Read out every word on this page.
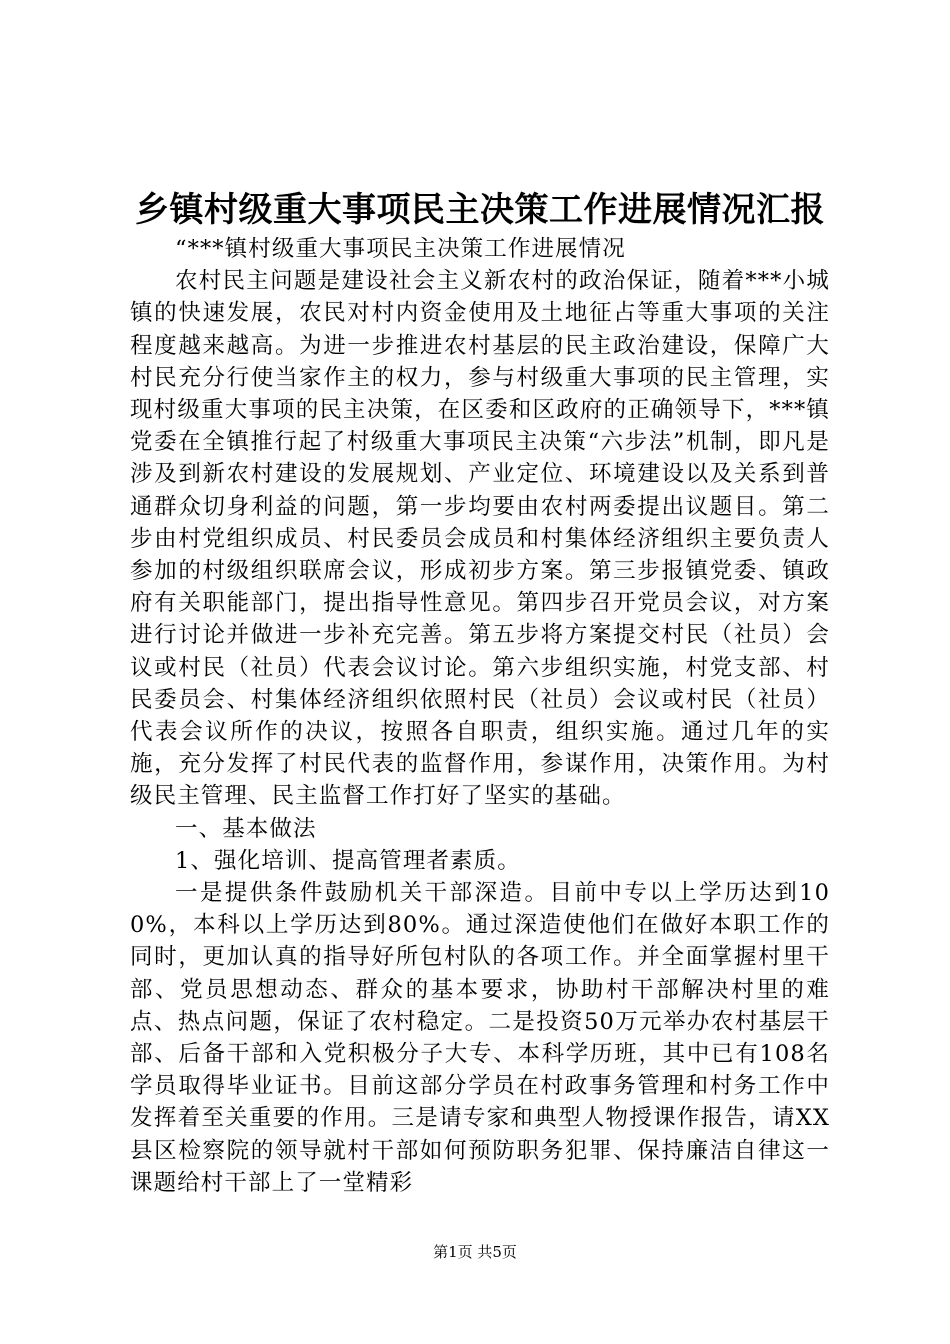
乡镇村级重大事项民主决策工作进展情况汇报

“***镇村级重大事项民主决策工作进展情况

农村民主问题是建设社会主义新农村的政治保证，随着***小城镇的快速发展，农民对村内资金使用及土地征占等重大事项的关注程度越来越高。为进一步推进农村基层的民主政治建设，保障广大村民充分行使当家作主的权力，参与村级重大事项的民主管理，实现村级重大事项的民主决策，在区委和区政府的正确领导下，***镇党委在全镇推行起了村级重大事项民主决策“六步法”机制，即凡是涉及到新农村建设的发展规划、产业定位、环境建设以及关系到普通群众切身利益的问题，第一步均要由农村两委提出议题目。第二步由村党组织成员、村民委员会成员和村集体经济组织主要负责人参加的村级组织联席会议，形成初步方案。第三步报镇党委、镇政府有关职能部门，提出指导性意见。第四步召开党员会议，对方案进行讨论并做进一步补充完善。第五步将方案提交村民（社员）会议或村民（社员）代表会议讨论。第六步组织实施，村党支部、村民委员会、村集体经济组织依照村民（社员）会议或村民（社员）代表会议所作的决议，按照各自职责，组织实施。通过几年的实施，充分发挥了村民代表的监督作用，参谋作用，决策作用。为村级民主管理、民主监督工作打好了坚实的基础。

一、基本做法

1、强化培训、提高管理者素质。

一是提供条件鼓励机关干部深造。目前中专以上学历达到100%，本科以上学历达到80%。通过深造使他们在做好本职工作的同时，更加认真的指导好所包村队的各项工作。并全面掌握村里干部、党员思想动态、群众的基本要求，协助村干部解决村里的难点、热点问题，保证了农村稳定。二是投资50万元举办农村基层干部、后备干部和入党积极分子大专、本科学历班，其中已有108名学员取得毕业证书。目前这部分学员在村政事务管理和村务工作中发挥着至关重要的作用。三是请专家和典型人物授课作报告，请XX县区检察院的领导就村干部如何预防职务犯罪、保持廉洁自律这一课题给村干部上了一堂精彩

第1页 共5页
